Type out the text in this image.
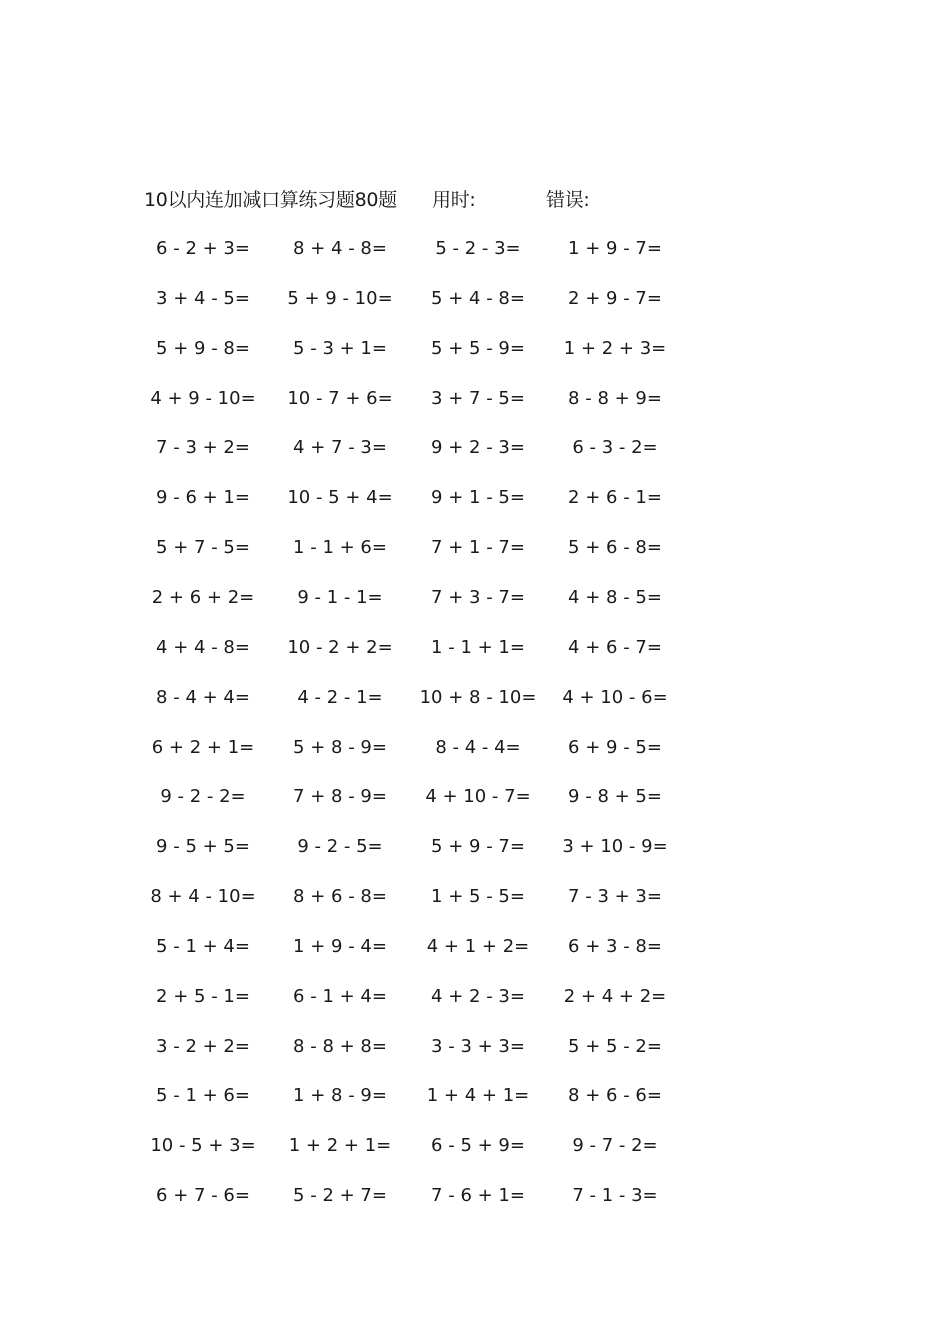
10以内连加减口算练习题80题 用时:	错误:
6 - 2 + 3= 8 + 4 - 8=	5 - 2 - 3=	1 + 9 - 7=
3 + 4 - 5= 5 + 9 - 10= 5 + 4 - 8= 2 + 9 - 7=
5 + 9 - 8= 5 - 3 + 1= 5 + 5 - 9= 1 + 2 + 3=
4 + 9 - 10= 10 - 7 + 6= 3 + 7 - 5= 8 - 8 + 9=
7 - 3 + 2= 4 + 7 - 3= 9 + 2 - 3=	6 - 3 - 2=
9 - 6 + 1= 10 - 5 + 4= 9 + 1 - 5= 2 + 6 - 1=
5 + 7 - 5= 1 - 1 + 6= 7 + 1 - 7= 5 + 6 - 8=
2 + 6 + 2= 9 - 1 - 1=	7 + 3 - 7= 4 + 8 - 5=
4 + 4 - 8= 10 - 2 + 2= 1 - 1 + 1= 4 + 6 - 7=
8 - 4 + 4=	4 - 2 - 1= 10 + 8 - 10= 4 + 10 - 6=
6 + 2 + 1= 5 + 8 - 9=	8 - 4 - 4=	6 + 9 - 5=
9 - 2 - 2=	7 + 8 - 9= 4 + 10 - 7= 9 - 8 + 5=
9 - 5 + 5=	9 - 2 - 5=	5 + 9 - 7= 3 + 10 - 9=
8 + 4 - 10= 8 + 6 - 8= 1 + 5 - 5= 7 - 3 + 3=
5 - 1 + 4= 1 + 9 - 4= 4 + 1 + 2= 6 + 3 - 8=
2 + 5 - 1= 6 - 1 + 4= 4 + 2 - 3= 2 + 4 + 2=
3 - 2 + 2= 8 - 8 + 8= 3 - 3 + 3= 5 + 5 - 2=
5 - 1 + 6= 1 + 8 - 9= 1 + 4 + 1= 8 + 6 - 6=
10 - 5 + 3= 1 + 2 + 1= 6 - 5 + 9=	9 - 7 - 2=
6 + 7 - 6= 5 - 2 + 7= 7 - 6 + 1=	7 - 1 - 3=
